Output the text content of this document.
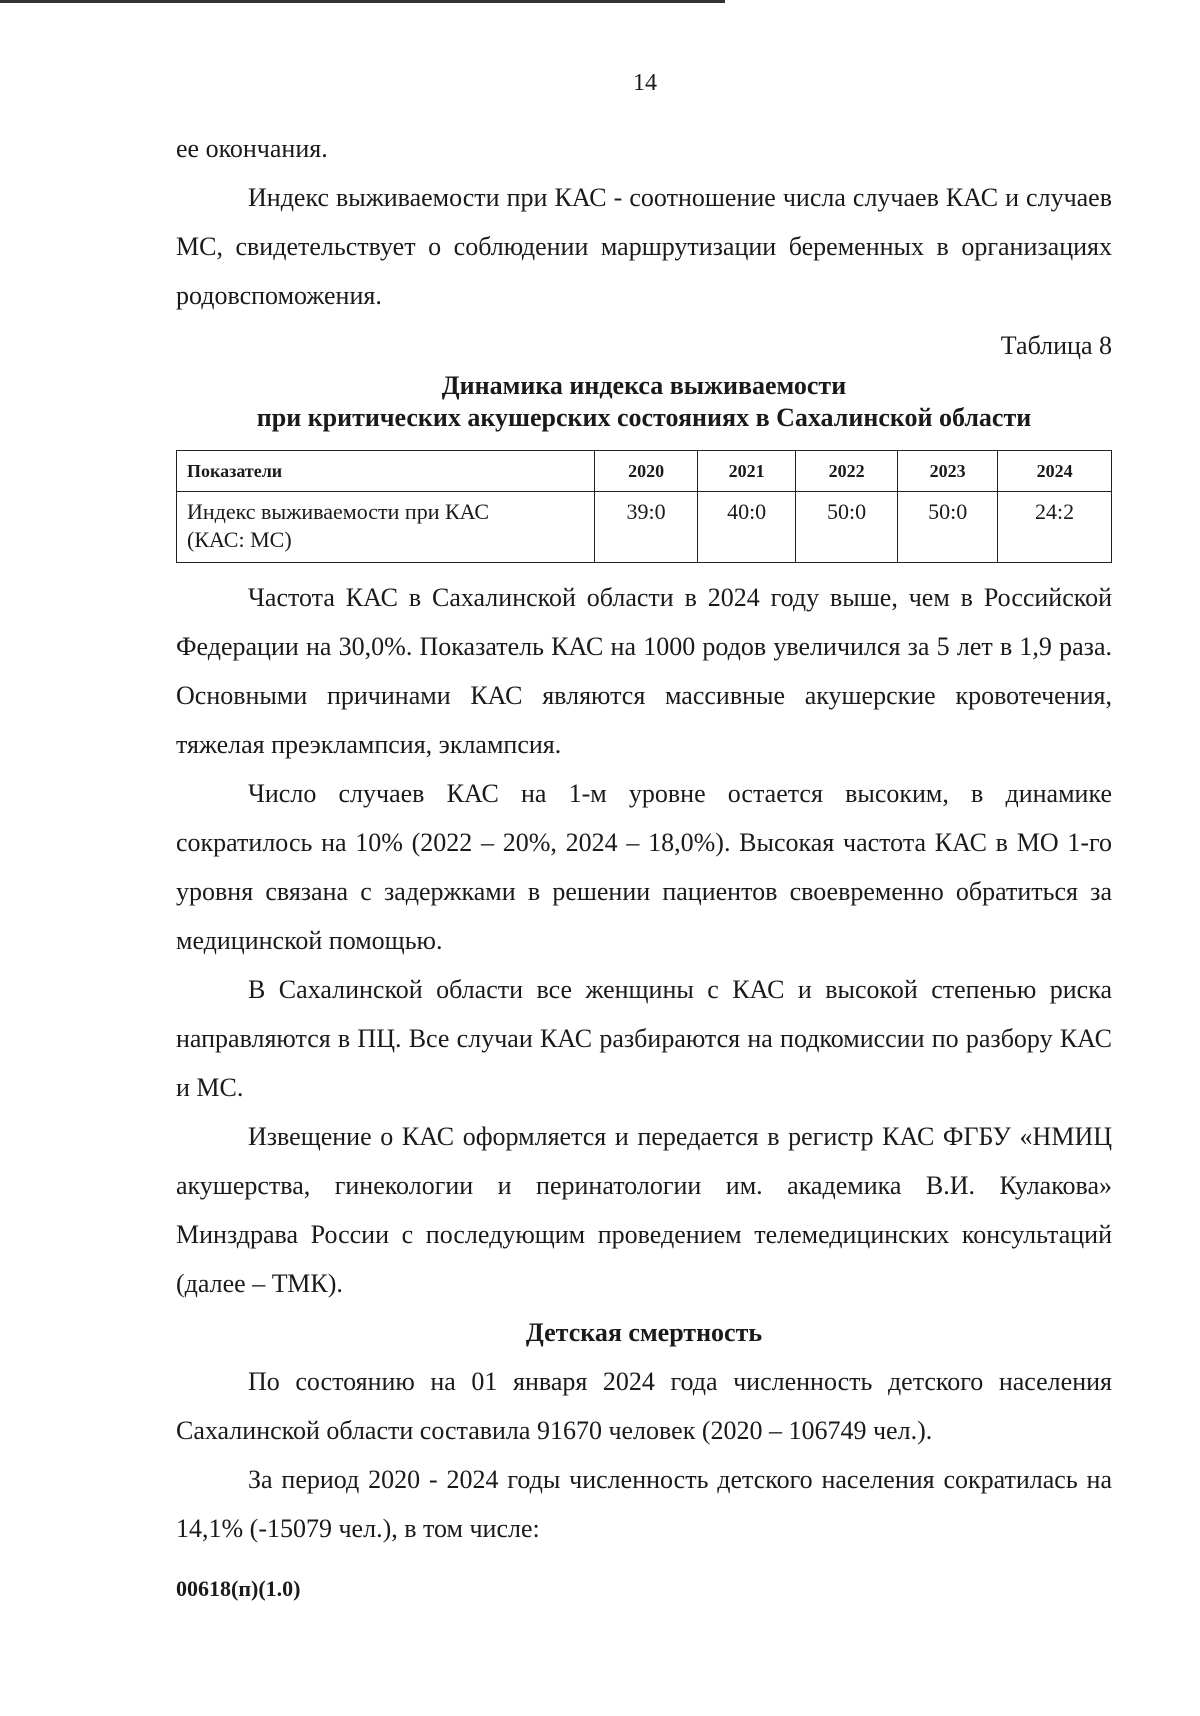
14

ее окончания.

Индекс выживаемости при КАС - соотношение числа случаев КАС и случаев МС, свидетельствует о соблюдении маршрутизации беременных в организациях родовспоможения.

Таблица 8

Динамика индекса выживаемости
при критических акушерских состояниях в Сахалинской области
Показатели	2020	2021	2022	2023	2024

Индекс выживаемости при КАС
(КАС: МС)	39:0	40:0	50:0	50:0	24:2

Частота КАС в Сахалинской области в 2024 году выше, чем в Российской Федерации на 30,0%. Показатель КАС на 1000 родов увеличился за 5 лет в 1,9 раза. Основными причинами КАС являются массивные акушерские кровотечения, тяжелая преэклампсия, эклампсия.

Число случаев КАС на 1-м уровне остается высоким, в динамике сократилось на 10% (2022 – 20%, 2024 – 18,0%). Высокая частота КАС в МО 1-го уровня связана с задержками в решении пациентов своевременно обратиться за медицинской помощью.

В Сахалинской области все женщины с КАС и высокой степенью риска направляются в ПЦ. Все случаи КАС разбираются на подкомиссии по разбору КАС и МС.

Извещение о КАС оформляется и передается в регистр КАС ФГБУ «НМИЦ акушерства, гинекологии и перинатологии им. академика В.И. Кулакова» Минздрава России с последующим проведением телемедицинских консультаций (далее – ТМК).

Детская смертность

По состоянию на 01 января 2024 года численность детского населения Сахалинской области составила 91670 человек (2020 – 106749 чел.).

За период 2020 - 2024 годы численность детского населения сократилась на 14,1% (-15079 чел.), в том числе:

00618(п)(1.0)
